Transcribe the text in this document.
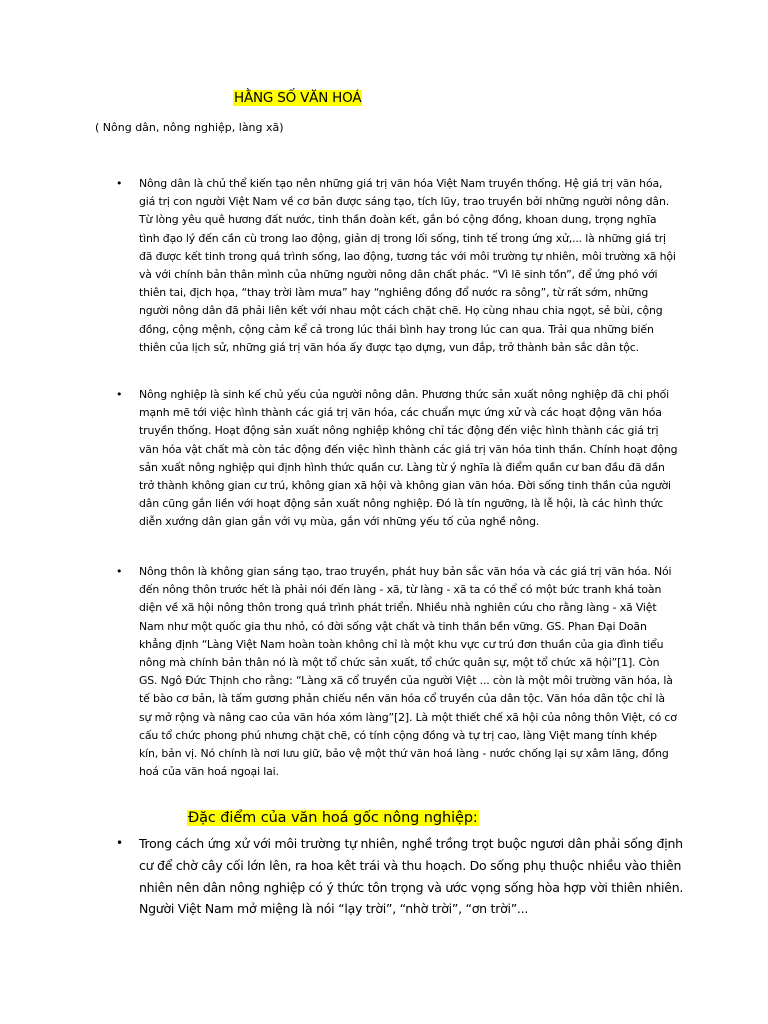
HẰNG SỐ VĂN HOÁ
( Nông dân, nông nghiệp, làng xã)
• Nông dân là chủ thể kiến tạo nên những giá trị văn hóa Việt Nam truyền thống. Hệ giá trị văn hóa, giá trị con người Việt Nam về cơ bản được sáng tạo, tích lũy, trao truyền bởi những người nông dân. Từ lòng yêu quê hương đất nước, tinh thần đoàn kết, gắn bó cộng đồng, khoan dung, trọng nghĩa tình đạo lý đến cần cù trong lao động, giản dị trong lối sống, tinh tế trong ứng xử,... là những giá trị đã được kết tinh trong quá trình sống, lao động, tương tác với môi trường tự nhiên, môi trường xã hội và với chính bản thân mình của những người nông dân chất phác. “Vì lẽ sinh tồn”, để ứng phó với thiên tai, địch họa, “thay trời làm mưa” hay “nghiêng đồng đổ nước ra sông”, từ rất sớm, những người nông dân đã phải liên kết với nhau một cách chặt chẽ. Họ cùng nhau chia ngọt, sẻ bùi, cộng đồng, cộng mệnh, cộng cảm kể cả trong lúc thái bình hay trong lúc can qua. Trải qua những biến thiên của lịch sử, những giá trị văn hóa ấy được tạo dựng, vun đắp, trở thành bản sắc dân tộc.
• Nông nghiệp là sinh kế chủ yếu của người nông dân. Phương thức sản xuất nông nghiệp đã chi phối mạnh mẽ tới việc hình thành các giá trị văn hóa, các chuẩn mực ứng xử và các hoạt động văn hóa truyền thống. Hoạt động sản xuất nông nghiệp không chỉ tác động đến việc hình thành các giá trị văn hóa vật chất mà còn tác động đến việc hình thành các giá trị văn hóa tinh thần. Chính hoạt động sản xuất nông nghiệp qui định hình thức quần cư. Làng từ ý nghĩa là điểm quần cư ban đầu đã dần trở thành không gian cư trú, không gian xã hội và không gian văn hóa. Đời sống tinh thần của người dân cũng gắn liền với hoạt động sản xuất nông nghiệp. Đó là tín ngưỡng, là lễ hội, là các hình thức diễn xướng dân gian gắn với vụ mùa, gắn với những yếu tố của nghề nông.
• Nông thôn là không gian sáng tạo, trao truyền, phát huy bản sắc văn hóa và các giá trị văn hóa. Nói đến nông thôn trước hết là phải nói đến làng - xã, từ làng - xã ta có thể có một bức tranh khá toàn diện về xã hội nông thôn trong quá trình phát triển. Nhiều nhà nghiên cứu cho rằng làng - xã Việt Nam như một quốc gia thu nhỏ, có đời sống vật chất và tinh thần bền vững. GS. Phan Đại Doãn khẳng định “Làng Việt Nam hoàn toàn không chỉ là một khu vực cư trú đơn thuần của gia đình tiểu nông mà chính bản thân nó là một tổ chức sản xuất, tổ chức quân sự, một tổ chức xã hội”[1]. Còn GS. Ngô Đức Thịnh cho rằng: “Làng xã cổ truyền của người Việt ... còn là một môi trường văn hóa, là tế bào cơ bản, là tấm gương phản chiếu nền văn hóa cổ truyền của dân tộc. Văn hóa dân tộc chỉ là sự mở rộng và nâng cao của văn hóa xóm làng”[2]. Là một thiết chế xã hội của nông thôn Việt, có cơ cấu tổ chức phong phú nhưng chặt chẽ, có tính cộng đồng và tự trị cao, làng Việt mang tính khép kín, bản vị. Nó chính là nơi lưu giữ, bảo vệ một thứ văn hoá làng - nước chống lại sự xâm lăng, đồng hoá của văn hoá ngoại lai.
Đặc điểm của văn hoá gốc nông nghiệp:
• Trong cách ứng xử với môi trường tự nhiên, nghề trồng trọt buộc ngươi dân phải sống định cư để chờ cây cối lớn lên, ra hoa kêt trái và thu hoạch. Do sống phụ thuộc nhiều vào thiên nhiên nên dân nông nghiệp có ý thức tôn trọng và ước vọng sống hòa hợp vời thiên nhiên. Người Việt Nam mở miệng là nói “lạy trời”, “nhờ trời”, “ơn trời”...
